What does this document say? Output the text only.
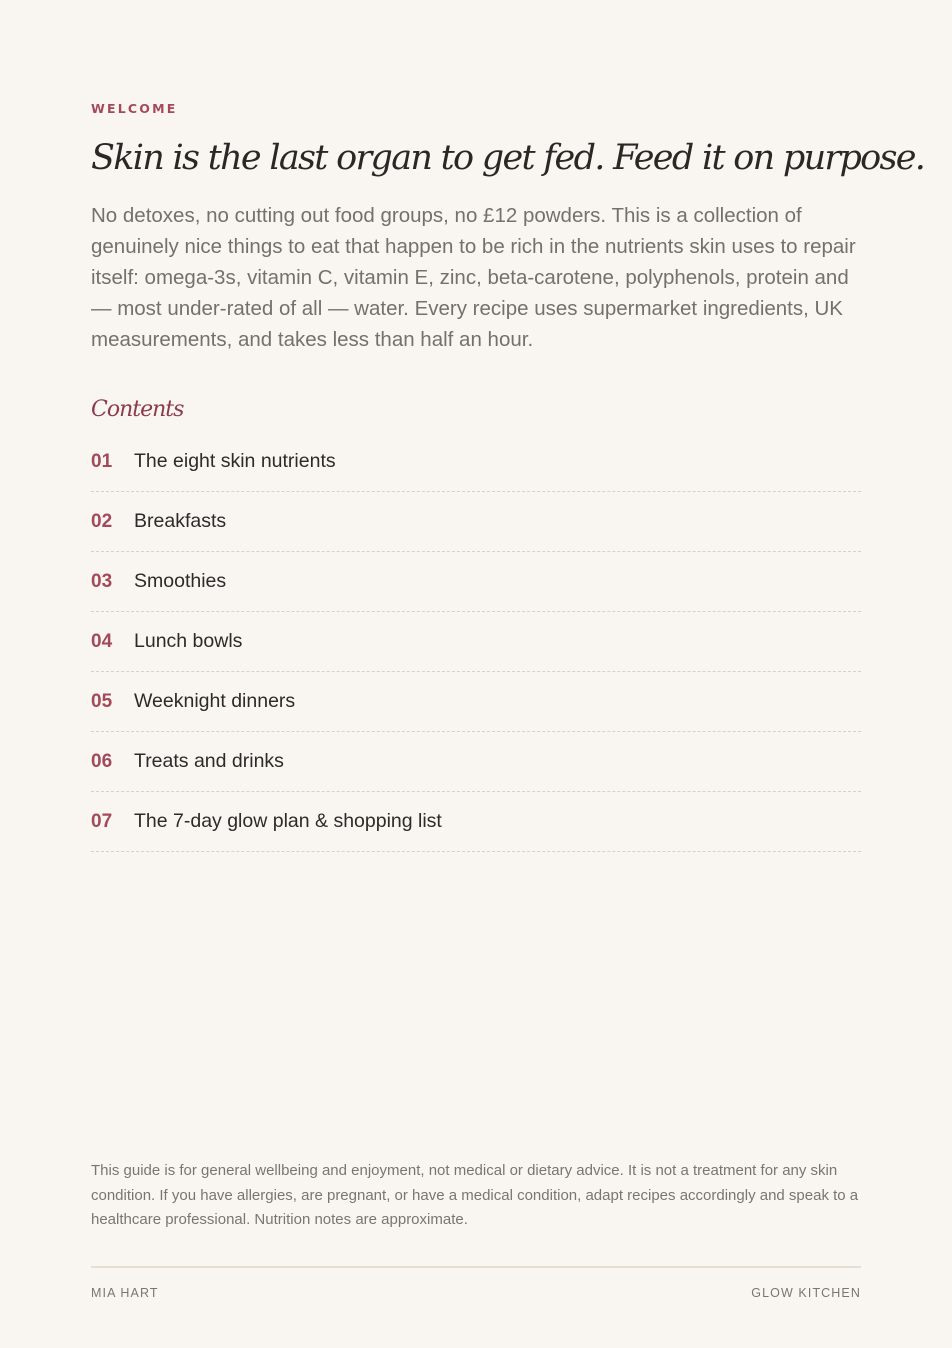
WELCOME
Skin is the last organ to get fed. Feed it on purpose.

No detoxes, no cutting out food groups, no £12 powders. This is a collection of genuinely nice things to eat that happen to be rich in the nutrients skin uses to repair itself: omega-3s, vitamin C, vitamin E, zinc, beta-carotene, polyphenols, protein and — most under-rated of all — water. Every recipe uses supermarket ingredients, UK measurements, and takes less than half an hour.

Contents
01	The eight skin nutrients
02	Breakfasts
03	Smoothies
04	Lunch bowls
05	Weeknight dinners
06	Treats and drinks
07	The 7-day glow plan & shopping list

This guide is for general wellbeing and enjoyment, not medical or dietary advice. It is not a treatment for any skin condition. If you have allergies, are pregnant, or have a medical condition, adapt recipes accordingly and speak to a healthcare professional. Nutrition notes are approximate.

MIA HART	GLOW KITCHEN
